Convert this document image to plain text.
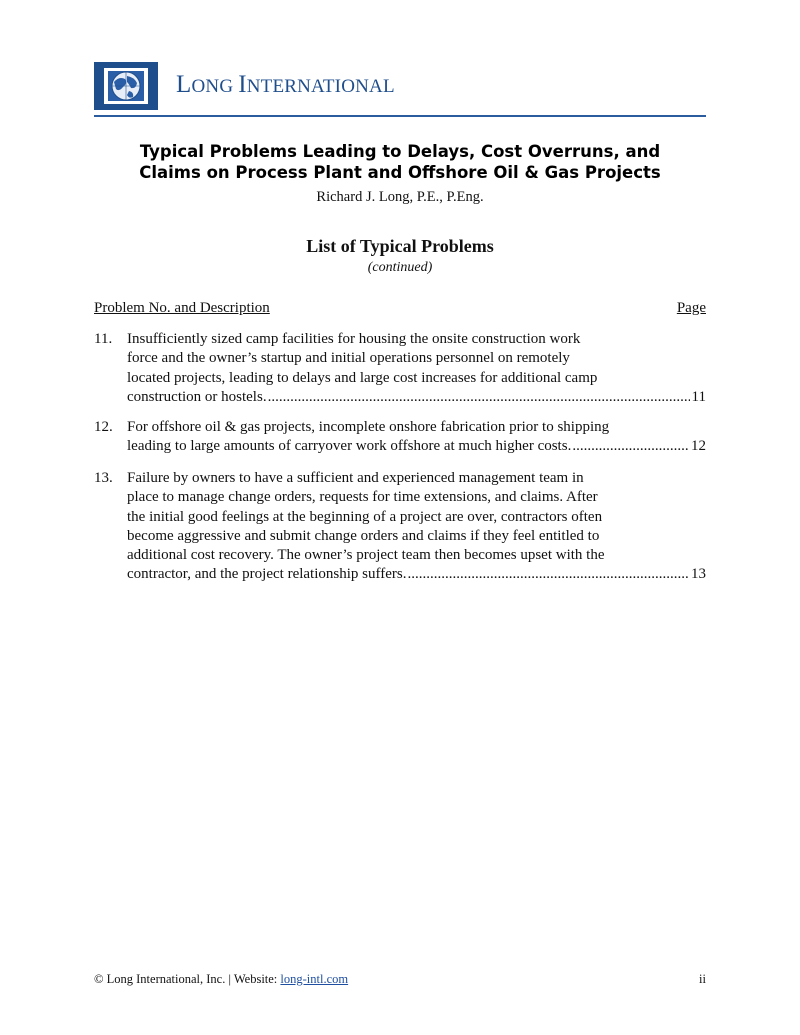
LONG INTERNATIONAL
Typical Problems Leading to Delays, Cost Overruns, and
Claims on Process Plant and Offshore Oil & Gas Projects
Richard J. Long, P.E., P.Eng.
List of Typical Problems
(continued)
Problem No. and Description	Page
11. Insufficiently sized camp facilities for housing the onsite construction work
force and the owner’s startup and initial operations personnel on remotely
located projects, leading to delays and large cost increases for additional camp
construction or hostels. .....	11
12. For offshore oil & gas projects, incomplete onshore fabrication prior to shipping
leading to large amounts of carryover work offshore at much higher costs. .....	12
13. Failure by owners to have a sufficient and experienced management team in
place to manage change orders, requests for time extensions, and claims. After
the initial good feelings at the beginning of a project are over, contractors often
become aggressive and submit change orders and claims if they feel entitled to
additional cost recovery. The owner’s project team then becomes upset with the
contractor, and the project relationship suffers. .....	13
© Long International, Inc. | Website: long-intl.com	ii
